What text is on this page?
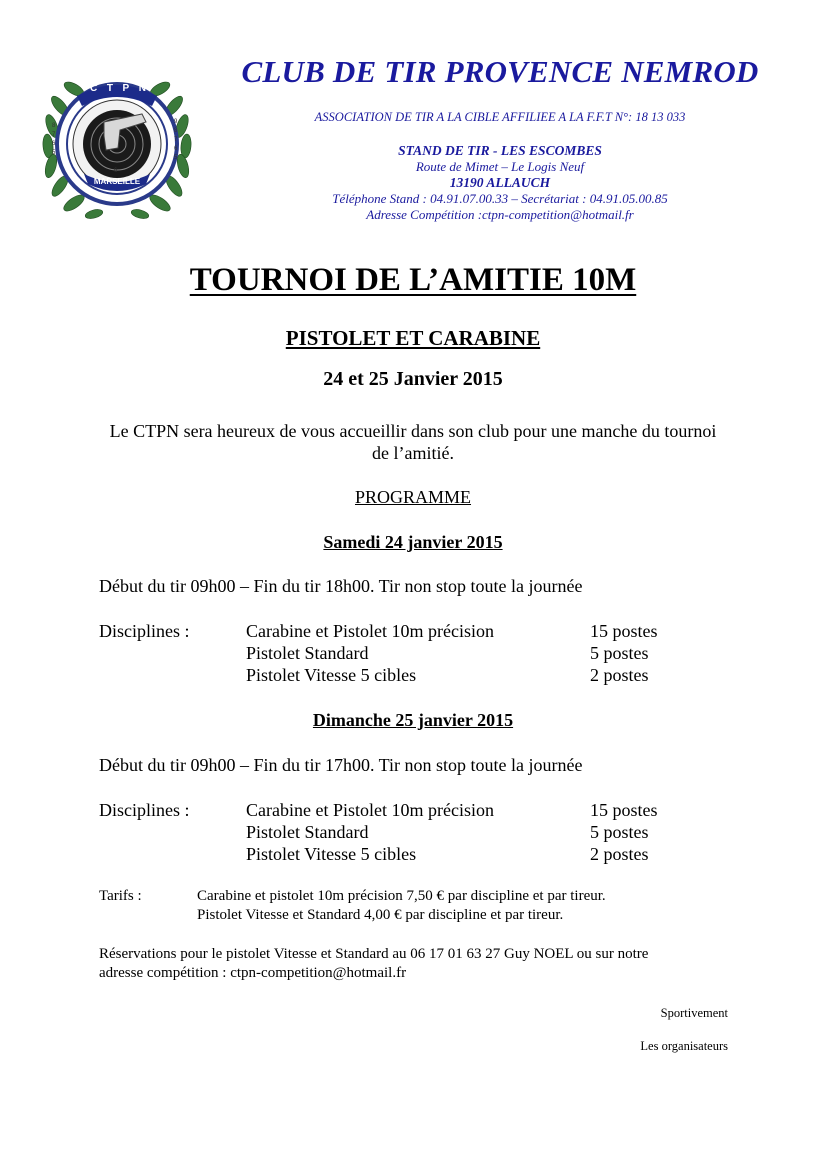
C T P N
8
7
6
5
9
8
7
6
5
6
MARSEILLE
CLUB DE TIR PROVENCE NEMROD
ASSOCIATION DE TIR A LA CIBLE AFFILIEE A LA F.F.T N°: 18 13 033
STAND DE TIR - LES ESCOMBES
Route de Mimet – Le Logis Neuf
13190 ALLAUCH
Téléphone Stand : 04.91.07.00.33 – Secrétariat : 04.91.05.00.85
Adresse Compétition :ctpn-competition@hotmail.fr
TOURNOI DE L’AMITIE 10M
PISTOLET ET CARABINE
24 et 25 Janvier 2015
Le CTPN sera heureux de vous accueillir dans son club pour une manche du tournoi de l’amitié.
PROGRAMME
Samedi 24 janvier 2015
Début du tir 09h00 – Fin du tir 18h00. Tir non stop toute la journée
Disciplines :	Carabine et Pistolet 10m précision	15 postes
Pistolet Standard	5 postes
Pistolet Vitesse 5 cibles	2 postes
Dimanche 25 janvier 2015
Début du tir 09h00 – Fin du tir 17h00. Tir non stop toute la journée
Disciplines :	Carabine et Pistolet 10m précision	15 postes
Pistolet Standard	5 postes
Pistolet Vitesse 5 cibles	2 postes
Tarifs :	Carabine et pistolet 10m précision 7,50 € par discipline et par tireur.
Pistolet Vitesse et Standard 4,00 € par discipline et par tireur.
Réservations pour le pistolet Vitesse et Standard au 06 17 01 63 27 Guy NOEL ou sur notre
adresse compétition : ctpn-competition@hotmail.fr
Sportivement
Les organisateurs
